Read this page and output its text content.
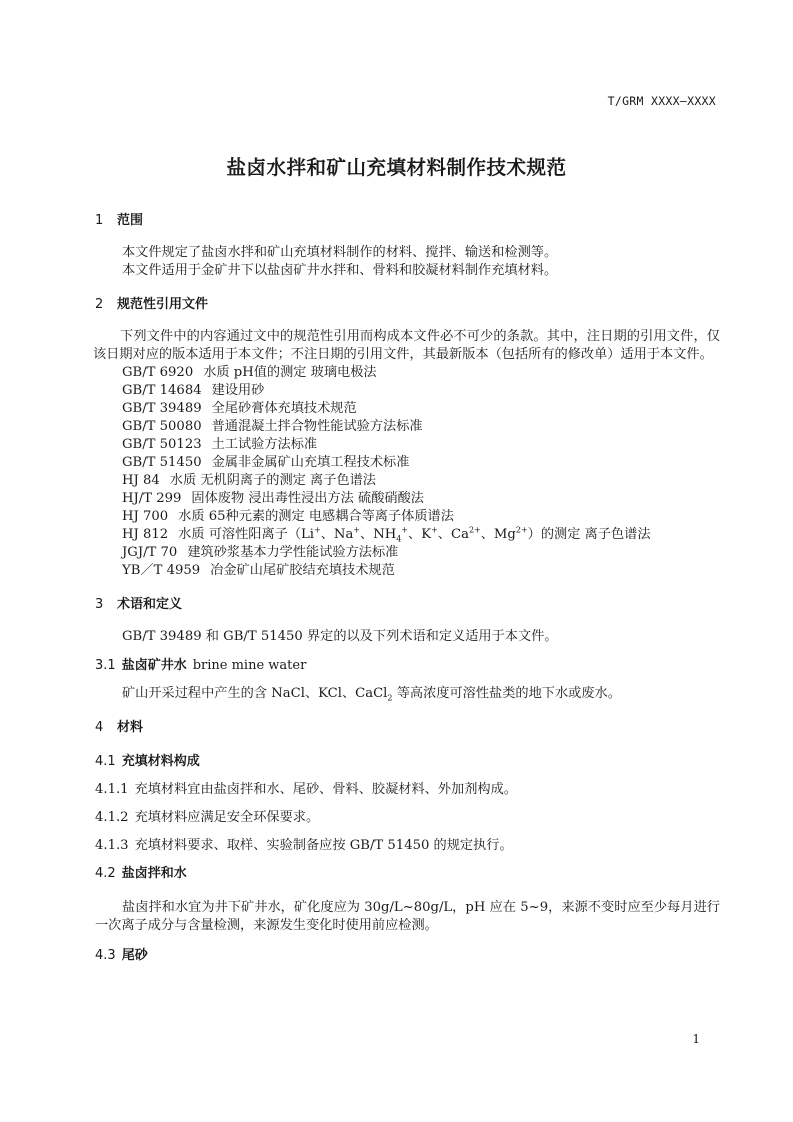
T/GRM XXXX—XXXX
盐卤水拌和矿山充填材料制作技术规范
1 范围

本文件规定了盐卤水拌和矿山充填材料制作的材料、搅拌、输送和检测等。

本文件适用于金矿井下以盐卤矿井水拌和、骨料和胶凝材料制作充填材料。

2 规范性引用文件

下列文件中的内容通过文中的规范性引用而构成本文件必不可少的条款。其中，注日期的引用文件，仅该日期对应的版本适用于本文件；不注日期的引用文件，其最新版本（包括所有的修改单）适用于本文件。

GB/T 6920 水质 pH值的测定 玻璃电极法

GB/T 14684 建设用砂

GB/T 39489 全尾砂膏体充填技术规范

GB/T 50080 普通混凝土拌合物性能试验方法标准

GB/T 50123 土工试验方法标准

GB/T 51450 金属非金属矿山充填工程技术标准

HJ 84 水质 无机阴离子的测定 离子色谱法

HJ/T 299 固体废物 浸出毒性浸出方法 硫酸硝酸法

HJ 700 水质 65种元素的测定 电感耦合等离子体质谱法

HJ 812 水质 可溶性阳离子（Li+、Na+、$NH_4^+$、K+、$Ca^{2+}$、$Mg^{2+}$）的测定 离子色谱法

JGJ/T 70 建筑砂浆基本力学性能试验方法标准

YB／T 4959 冶金矿山尾矿胶结充填技术规范

3 术语和定义

GB/T 39489 和 GB/T 51450 界定的以及下列术语和定义适用于本文件。

3.1 盐卤矿井水 brine mine water

矿山开采过程中产生的含 NaCl、KCl、CaCl$_2$ 等高浓度可溶性盐类的地下水或废水。

4 材料
4.1 充填材料构成

4.1.1 充填材料宜由盐卤拌和水、尾砂、骨料、胶凝材料、外加剂构成。

4.1.2 充填材料应满足安全环保要求。

4.1.3 充填材料要求、取样、实验制备应按 GB/T 51450 的规定执行。

4.2 盐卤拌和水

盐卤拌和水宜为井下矿井水，矿化度应为 30g/L~80g/L，pH 应在 5~9，来源不变时应至少每月进行一次离子成分与含量检测，来源发生变化时使用前应检测。

4.3 尾砂
1
